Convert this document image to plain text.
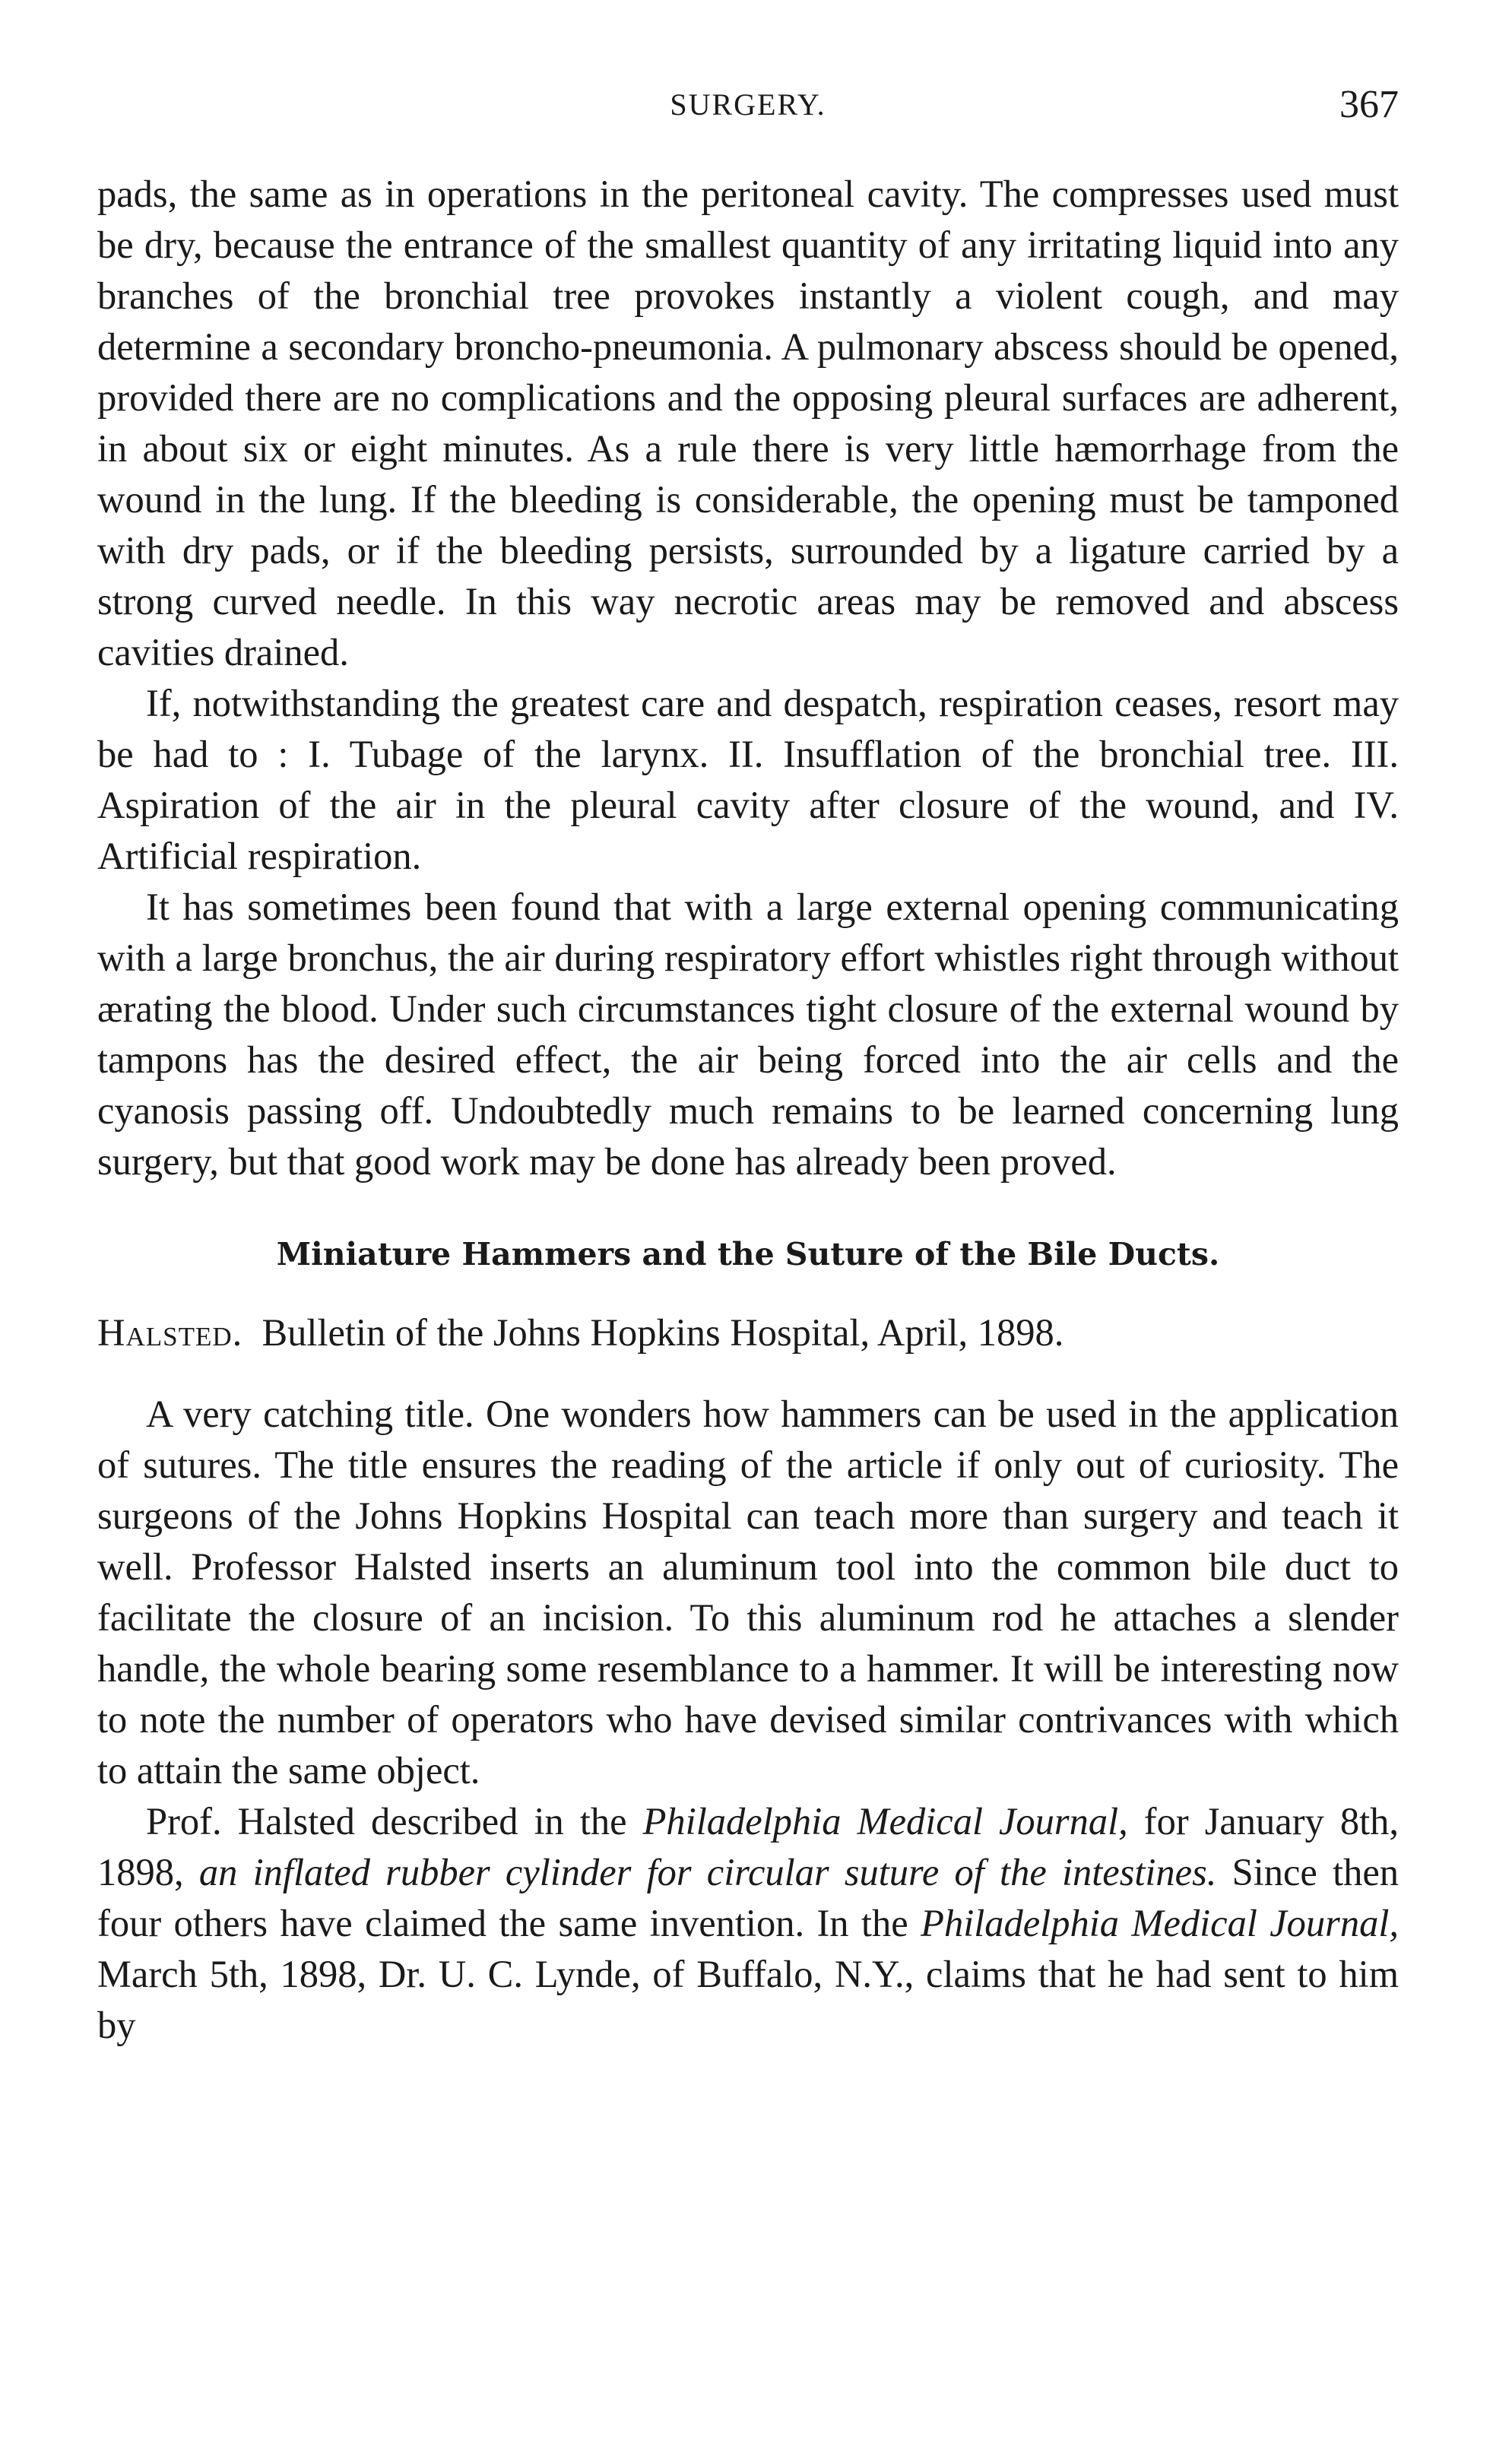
SURGERY.	367

pads, the same as in operations in the peritoneal cavity. The compresses used must be dry, because the entrance of the smallest quantity of any irritating liquid into any branches of the bronchial tree provokes instantly a violent cough, and may determine a secondary broncho-pneumonia. A pulmonary abscess should be opened, provided there are no complications and the opposing pleural surfaces are adherent, in about six or eight minutes. As a rule there is very little hæmorrhage from the wound in the lung. If the bleeding is considerable, the opening must be tamponed with dry pads, or if the bleeding persists, surrounded by a ligature carried by a strong curved needle. In this way necrotic areas may be removed and abscess cavities drained.

If, notwithstanding the greatest care and despatch, respiration ceases, resort may be had to : I. Tubage of the larynx. II. Insufflation of the bronchial tree. III. Aspiration of the air in the pleural cavity after closure of the wound, and IV. Artificial respiration.

It has sometimes been found that with a large external opening communicating with a large bronchus, the air during respiratory effort whistles right through without ærating the blood. Under such circumstances tight closure of the external wound by tampons has the desired effect, the air being forced into the air cells and the cyanosis passing off. Undoubtedly much remains to be learned concerning lung surgery, but that good work may be done has already been proved.

Miniature Hammers and the Suture of the Bile Ducts.

Halsted. Bulletin of the Johns Hopkins Hospital, April, 1898.

A very catching title. One wonders how hammers can be used in the application of sutures. The title ensures the reading of the article if only out of curiosity. The surgeons of the Johns Hopkins Hospital can teach more than surgery and teach it well. Professor Halsted inserts an aluminum tool into the common bile duct to facilitate the closure of an incision. To this aluminum rod he attaches a slender handle, the whole bearing some resemblance to a hammer. It will be interesting now to note the number of operators who have devised similar contrivances with which to attain the same object.

Prof. Halsted described in the Philadelphia Medical Journal, for January 8th, 1898, an inflated rubber cylinder for circular suture of the intestines. Since then four others have claimed the same invention. In the Philadelphia Medical Journal, March 5th, 1898, Dr. U. C. Lynde, of Buffalo, N.Y., claims that he had sent to him by
